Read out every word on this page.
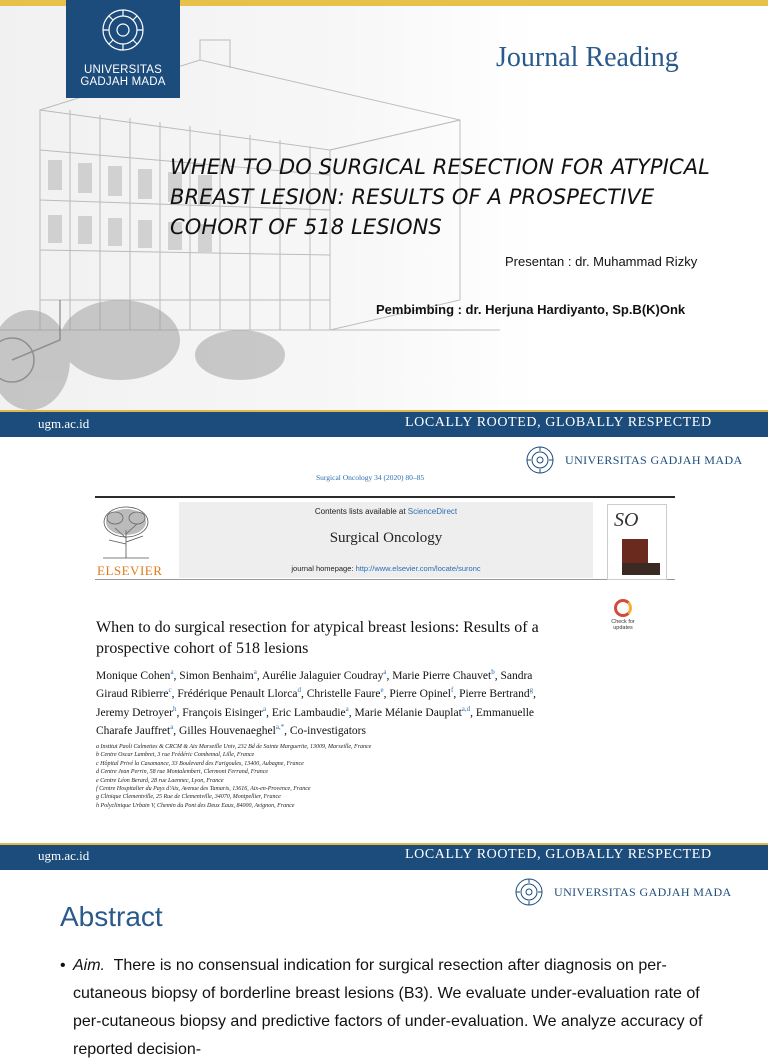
UNIVERSITAS
GADJAH MADA
Journal Reading
WHEN TO DO SURGICAL RESECTION FOR ATYPICAL BREAST LESION: RESULTS OF A PROSPECTIVE COHORT OF 518 LESIONS
Presentan : dr. Muhammad Rizky
Pembimbing : dr. Herjuna Hardiyanto, Sp.B(K)Onk
ugm.ac.id	LOCALLY ROOTED, GLOBALLY RESPECTED
UNIVERSITAS GADJAH MADA
Surgical Oncology 34 (2020) 80–85
ELSEVIER
Contents lists available at ScienceDirect
Surgical Oncology
journal homepage: http://www.elsevier.com/locate/suronc
S​O
Check for updates
When to do surgical resection for atypical breast lesions: Results of a prospective cohort of 518 lesions
Monique Cohen$^a$, Simon Benhaim$^a$, Aurélie Jalaguier Coudray$^a$, Marie Pierre Chauvet$^b$, Sandra Giraud Ribierre$^c$, Frédérique Penault Llorca$^d$, Christelle Faure$^e$, Pierre Opinel$^f$, Pierre Bertrand$^g$, Jeremy Detroyer$^h$, François Eisinger$^a$, Eric Lambaudie$^a$, Marie Mélanie Dauplat$^{a,d}$, Emmanuelle Charafe Jauffret$^a$, Gilles Houvenaeghel$^{a,*}$, Co-investigators
a Institut Paoli Calmettes & CRCM & Aix Marseille Univ, 232 Bd de Sainte Marguerite, 13009, Marseille, France
b Centre Oscar Lambret, 3 rue Frédéric Combemal, Lille, France
c Hôpital Privé la Casamance, 33 Boulevard des Farigoules, 13400, Aubagne, France
d Centre Jean Perrin, 58 rue Montalembert, Clermont Ferrand, France
e Centre Léon Berard, 28 rue Laennec, Lyon, France
f Centre Hospitalier du Pays d'Aix, Avenue des Tamaris, 13616, Aix-en-Provence, France
g Clinique Clementville, 25 Rue de Clementville, 34070, Montpellier, France
h Polyclinique Urbain V, Chemin du Pont des Deux Eaux, 84000, Avignon, France
ugm.ac.id	LOCALLY ROOTED, GLOBALLY RESPECTED
UNIVERSITAS GADJAH MADA
Abstract
• Aim. There is no consensual indication for surgical resection after diagnosis on per-cutaneous biopsy of borderline breast lesions (B3). We evaluate under-evaluation rate of per-cutaneous biopsy and predictive factors of under-evaluation. We analyze accuracy of reported decision-
